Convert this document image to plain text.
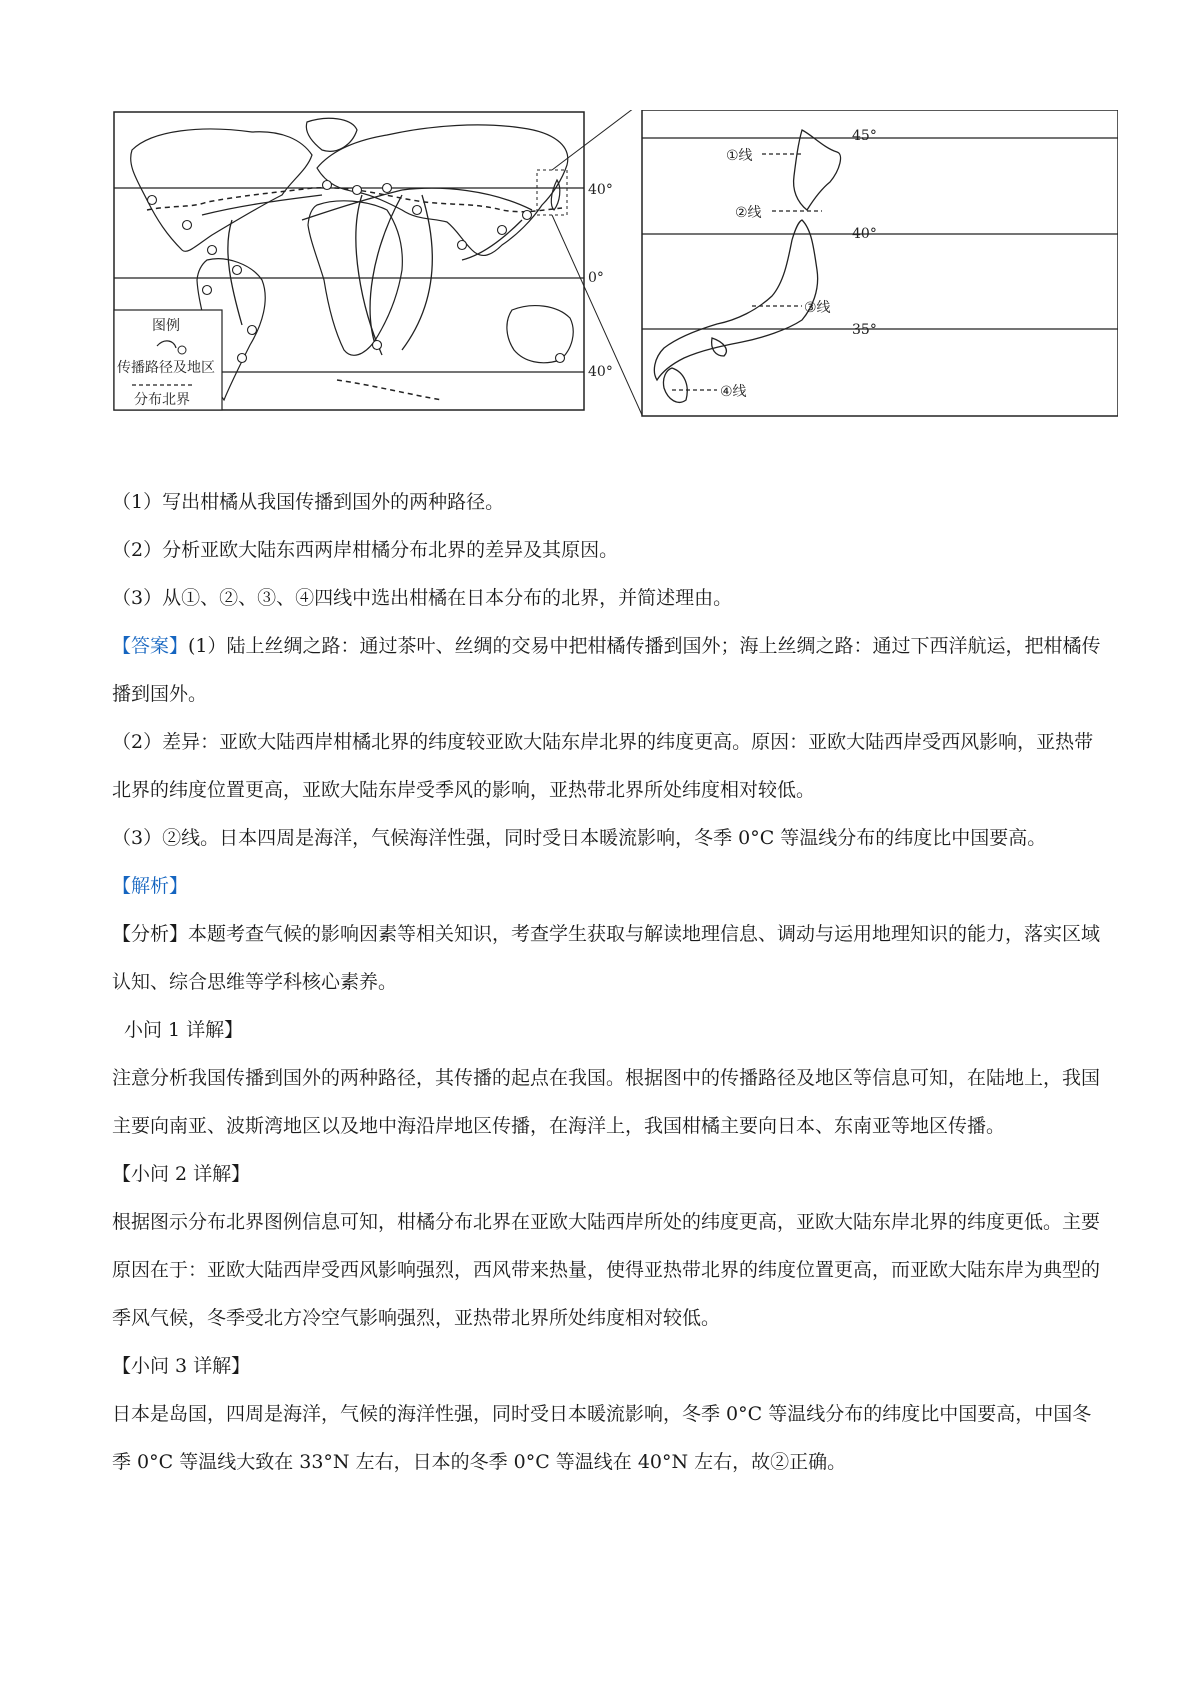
40°
0°
40°
图例
传播路径及地区
分布北界
45°
40°
35°
①线
②线
③线
④线

（1）写出柑橘从我国传播到国外的两种路径。

（2）分析亚欧大陆东西两岸柑橘分布北界的差异及其原因。

（3）从①、②、③、④四线中选出柑橘在日本分布的北界，并简述理由。

【答案】(1）陆上丝绸之路：通过茶叶、丝绸的交易中把柑橘传播到国外；海上丝绸之路：通过下西洋航运，把柑橘传播到国外。

（2）差异：亚欧大陆西岸柑橘北界的纬度较亚欧大陆东岸北界的纬度更高。原因：亚欧大陆西岸受西风影响，亚热带北界的纬度位置更高，亚欧大陆东岸受季风的影响，亚热带北界所处纬度相对较低。

（3）②线。日本四周是海洋，气候海洋性强，同时受日本暖流影响，冬季 0°C 等温线分布的纬度比中国要高。

【解析】

【分析】本题考查气候的影响因素等相关知识，考查学生获取与解读地理信息、调动与运用地理知识的能力，落实区域认知、综合思维等学科核心素养。

小问 1 详解】

注意分析我国传播到国外的两种路径，其传播的起点在我国。根据图中的传播路径及地区等信息可知，在陆地上，我国主要向南亚、波斯湾地区以及地中海沿岸地区传播，在海洋上，我国柑橘主要向日本、东南亚等地区传播。

【小问 2 详解】

根据图示分布北界图例信息可知，柑橘分布北界在亚欧大陆西岸所处的纬度更高，亚欧大陆东岸北界的纬度更低。主要原因在于：亚欧大陆西岸受西风影响强烈，西风带来热量，使得亚热带北界的纬度位置更高，而亚欧大陆东岸为典型的季风气候，冬季受北方冷空气影响强烈，亚热带北界所处纬度相对较低。

【小问 3 详解】

日本是岛国，四周是海洋，气候的海洋性强，同时受日本暖流影响，冬季 0°C 等温线分布的纬度比中国要高，中国冬季 0°C 等温线大致在 33°N 左右，日本的冬季 0°C 等温线在 40°N 左右，故②正确。
